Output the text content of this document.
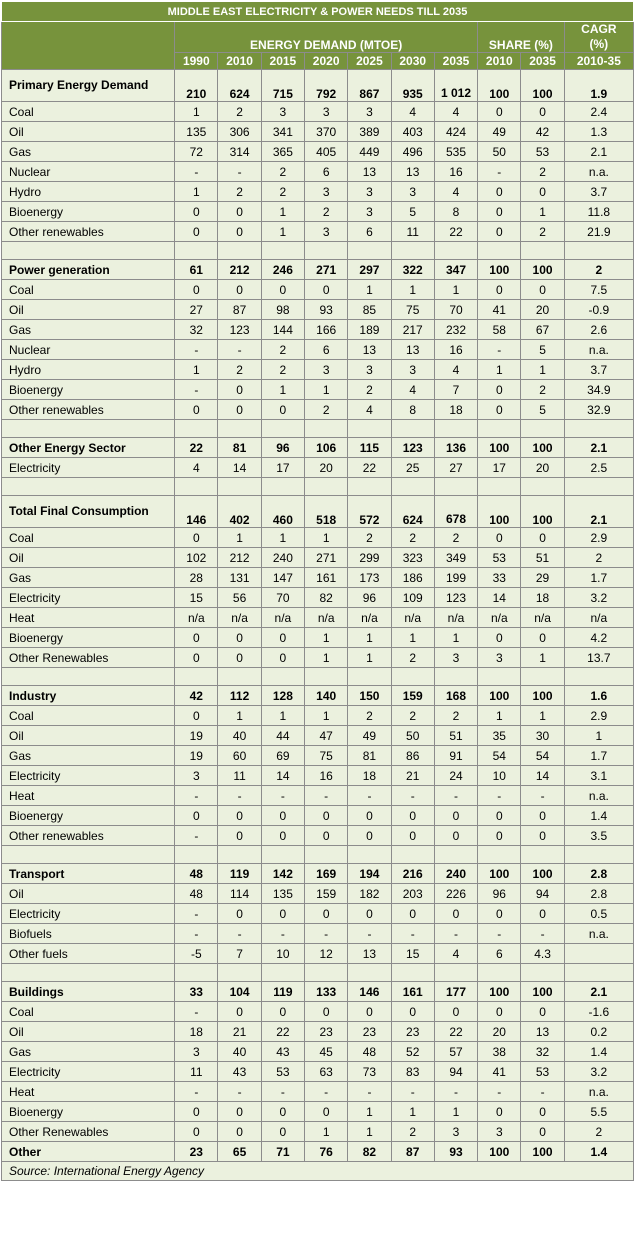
MIDDLE EAST ELECTRICITY & POWER NEEDS TILL 2035										
	ENERGY DEMAND (MTOE)							SHARE (%)		CAGR (%)
	1990	2010	2015	2020	2025	2030	2035	2010	2035	2010-35
Primary Energy Demand	210	624	715	792	867	935	1 012	100	100	1.9
Coal	1	2	3	3	3	4	4	0	0	2.4
Oil	135	306	341	370	389	403	424	49	42	1.3
Gas	72	314	365	405	449	496	535	50	53	2.1
Nuclear	-	-	2	6	13	13	16	-	2	n.a.
Hydro	1	2	2	3	3	3	4	0	0	3.7
Bioenergy	0	0	1	2	3	5	8	0	1	11.8
Other renewables	0	0	1	3	6	11	22	0	2	21.9

Power generation	61	212	246	271	297	322	347	100	100	2
Coal	0	0	0	0	1	1	1	0	0	7.5
Oil	27	87	98	93	85	75	70	41	20	-0.9
Gas	32	123	144	166	189	217	232	58	67	2.6
Nuclear	-	-	2	6	13	13	16	-	5	n.a.
Hydro	1	2	2	3	3	3	4	1	1	3.7
Bioenergy	-	0	1	1	2	4	7	0	2	34.9
Other renewables	0	0	0	2	4	8	18	0	5	32.9

Other Energy Sector	22	81	96	106	115	123	136	100	100	2.1
Electricity	4	14	17	20	22	25	27	17	20	2.5

Total Final Consumption	146	402	460	518	572	624	678	100	100	2.1
Coal	0	1	1	1	2	2	2	0	0	2.9
Oil	102	212	240	271	299	323	349	53	51	2
Gas	28	131	147	161	173	186	199	33	29	1.7
Electricity	15	56	70	82	96	109	123	14	18	3.2
Heat	n/a	n/a	n/a	n/a	n/a	n/a	n/a	n/a	n/a	n/a
Bioenergy	0	0	0	1	1	1	1	0	0	4.2
Other Renewables	0	0	0	1	1	2	3	3	1	13.7

Industry	42	112	128	140	150	159	168	100	100	1.6
Coal	0	1	1	1	2	2	2	1	1	2.9
Oil	19	40	44	47	49	50	51	35	30	1
Gas	19	60	69	75	81	86	91	54	54	1.7
Electricity	3	11	14	16	18	21	24	10	14	3.1
Heat	-	-	-	-	-	-	-	-	-	n.a.
Bioenergy	0	0	0	0	0	0	0	0	0	1.4
Other renewables	-	0	0	0	0	0	0	0	0	3.5

Transport	48	119	142	169	194	216	240	100	100	2.8
Oil	48	114	135	159	182	203	226	96	94	2.8
Electricity	-	0	0	0	0	0	0	0	0	0.5
Biofuels	-	-	-	-	-	-	-	-	-	n.a.
Other fuels	-5	7	10	12	13	15	4	6	4.3	

Buildings	33	104	119	133	146	161	177	100	100	2.1
Coal	-	0	0	0	0	0	0	0	0	-1.6
Oil	18	21	22	23	23	23	22	20	13	0.2
Gas	3	40	43	45	48	52	57	38	32	1.4
Electricity	11	43	53	63	73	83	94	41	53	3.2
Heat	-	-	-	-	-	-	-	-	-	n.a.
Bioenergy	0	0	0	0	1	1	1	0	0	5.5
Other Renewables	0	0	0	1	1	2	3	3	0	2
Other	23	65	71	76	82	87	93	100	100	1.4
Source: International Energy Agency										
